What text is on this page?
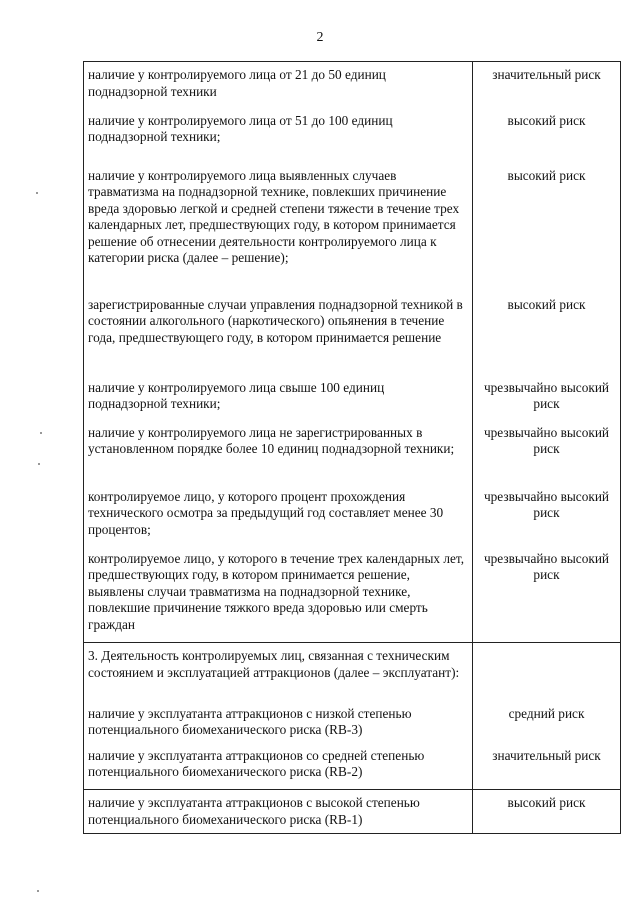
2
наличие у контролируемого лица от 21 до 50 единиц поднадзорной техники	значительный риск
наличие у контролируемого лица от 51 до 100 единиц поднадзорной техники;	высокий риск
наличие у контролируемого лица выявленных случаев травматизма на поднадзорной технике, повлекших причинение вреда здоровью легкой и средней степени тяжести в течение трех календарных лет, предшествующих году, в котором принимается решение об отнесении деятельности контролируемого лица к категории риска (далее – решение);	высокий риск
зарегистрированные случаи управления поднадзорной техникой в состоянии алкогольного (наркотического) опьянения в течение года, предшествующего году, в котором принимается решение	высокий риск
наличие у контролируемого лица свыше 100 единиц поднадзорной техники;	чрезвычайно высокий риск
наличие у контролируемого лица не зарегистрированных в установленном порядке более 10 единиц поднадзорной техники;	чрезвычайно высокий риск
контролируемое лицо, у которого процент прохождения технического осмотра за предыдущий год составляет менее 30 процентов;	чрезвычайно высокий риск
контролируемое лицо, у которого в течение трех календарных лет, предшествующих году, в котором принимается решение, выявлены случаи травматизма на поднадзорной технике, повлекшие причинение тяжкого вреда здоровью или смерть граждан	чрезвычайно высокий риск
3. Деятельность контролируемых лиц, связанная с техническим состоянием и эксплуатацией аттракционов (далее – эксплуатант):	
наличие у эксплуатанта аттракционов с низкой степенью потенциального биомеханического риска (RB-3)	средний риск
наличие у эксплуатанта аттракционов со средней степенью потенциального биомеханического риска (RB-2)	значительный риск
наличие у эксплуатанта аттракционов с высокой степенью потенциального биомеханического риска (RB-1)	высокий риск
